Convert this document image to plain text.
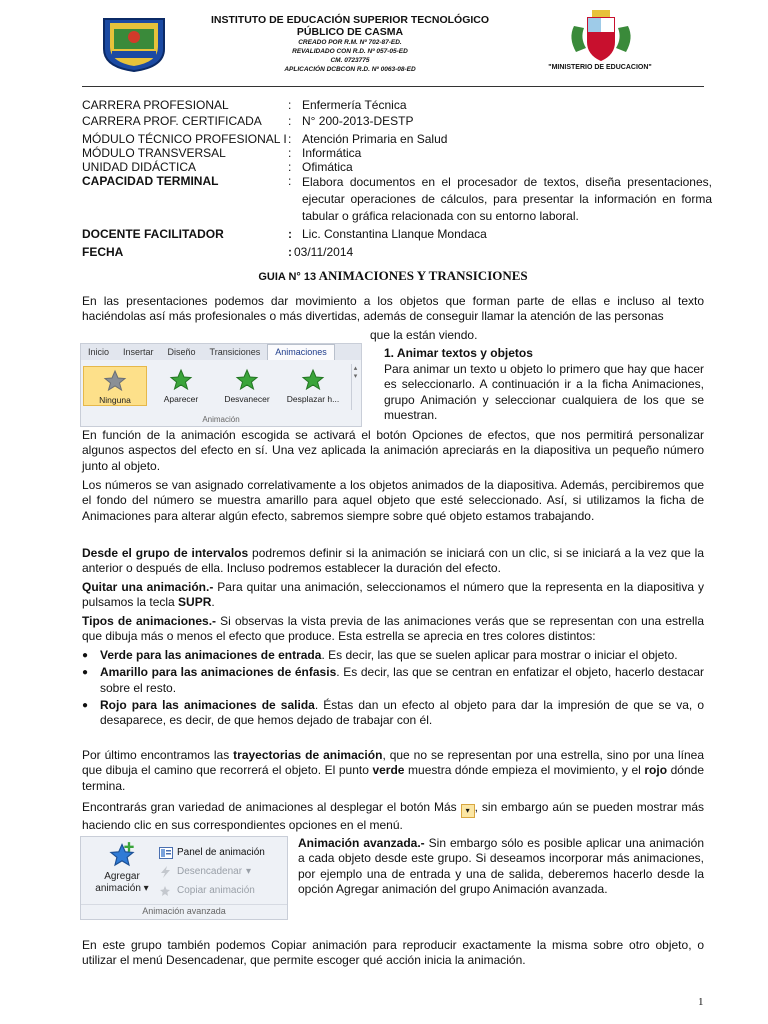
INSTITUTO DE EDUCACIÓN SUPERIOR TECNOLÓGICO
PÚBLICO DE CASMA
CREADO POR R.M. Nº 702-87-ED.
REVALIDADO CON R.D. Nº 057-05-ED
CM. 0723775
APLICACIÓN DCBCON R.D. Nº 0063-08-ED	"MINISTERIO DE EDUCACION"
CARRERA PROFESIONAL	: Enfermería Técnica
CARRERA PROF. CERTIFICADA	: N° 200-2013-DESTP
MÓDULO TÉCNICO PROFESIONAL I : Atención Primaria en Salud
MÓDULO TRANSVERSAL	: Informática
UNIDAD DIDÁCTICA	: Ofimática
CAPACIDAD TERMINAL	: Elabora documentos en el procesador de textos, diseña presentaciones, ejecutar operaciones de cálculos, para presentar la información en forma tabular o gráfica relacionada con su entorno laboral.
DOCENTE FACILITADOR	: Lic. Constantina Llanque Mondaca
FECHA	: 03/11/2014
GUIA N° 13 ANIMACIONES Y TRANSICIONES
En las presentaciones podemos dar movimiento a los objetos que forman parte de ellas e incluso al texto haciéndolas así más profesionales o más divertidas, además de conseguir llamar la atención de las personas
que la están viendo.
Inicio	Insertar	Diseño	Transiciones	Animaciones
Ninguna	Aparecer	Desvanecer	Desplazar h...
▴
▾
Animación
1. Animar textos y objetos
Para animar un texto u objeto lo primero que hay que hacer es seleccionarlo. A continuación ir a la ficha Animaciones, grupo Animación y seleccionar cualquiera de los que se muestran.
En función de la animación escogida se activará el botón Opciones de efectos, que nos permitirá personalizar algunos aspectos del efecto en sí. Una vez aplicada la animación apreciarás en la diapositiva un pequeño número junto al objeto.
Los números se van asignado correlativamente a los objetos animados de la diapositiva. Además, percibiremos que el fondo del número se muestra amarillo para aquel objeto que esté seleccionado. Así, si utilizamos la ficha de Animaciones para alterar algún efecto, sabremos siempre sobre qué objeto estamos trabajando.
Desde el grupo de intervalos podremos definir si la animación se iniciará con un clic, si se iniciará a la vez que la anterior o después de ella. Incluso podremos establecer la duración del efecto.
Quitar una animación.- Para quitar una animación, seleccionamos el número que la representa en la diapositiva y pulsamos la tecla SUPR.
Tipos de animaciones.- Si observas la vista previa de las animaciones verás que se representan con una estrella que dibuja más o menos el efecto que produce. Esta estrella se aprecia en tres colores distintos:
● Verde para las animaciones de entrada. Es decir, las que se suelen aplicar para mostrar o iniciar el objeto.
● Amarillo para las animaciones de énfasis. Es decir, las que se centran en enfatizar el objeto, hacerlo destacar sobre el resto.
● Rojo para las animaciones de salida. Éstas dan un efecto al objeto para dar la impresión de que se va, o desaparece, es decir, de que hemos dejado de trabajar con él.
Por último encontramos las trayectorias de animación, que no se representan por una estrella, sino por una línea que dibuja el camino que recorrerá el objeto. El punto verde muestra dónde empieza el movimiento, y el rojo dónde termina.
Encontrarás gran variedad de animaciones al desplegar el botón Más ▾ , sin embargo aún se pueden mostrar más haciendo clic en sus correspondientes opciones en el menú.
Agregar animación ▾
Panel de animación
Desencadenar ▾
Copiar animación
Animación avanzada
Animación avanzada.- Sin embargo sólo es posible aplicar una animación a cada objeto desde este grupo. Si deseamos incorporar más animaciones, por ejemplo una de entrada y una de salida, deberemos hacerlo desde la opción Agregar animación del grupo Animación avanzada.
En este grupo también podemos Copiar animación para reproducir exactamente la misma sobre otro objeto, o utilizar el menú Desencadenar, que permite escoger qué acción inicia la animación.
1
